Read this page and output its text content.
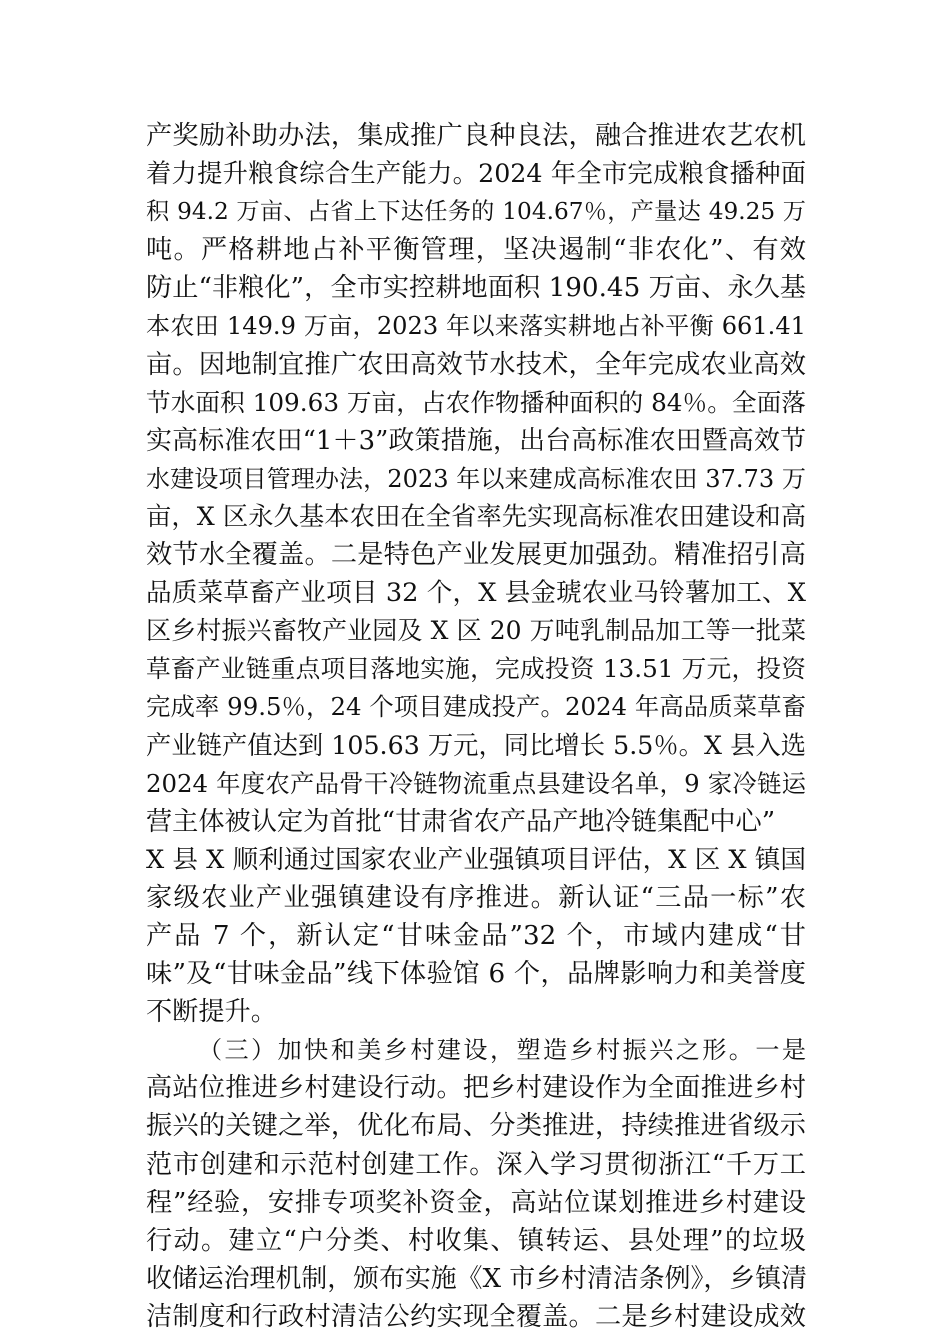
产奖励补助办法，集成推广良种良法，融合推进农艺农机
着力提升粮食综合生产能力。2024 年全市完成粮食播种面
积 94.2 万亩、占省上下达任务的 104.67％，产量达 49.25 万
吨。严格耕地占补平衡管理，坚决遏制“非农化”、有效
防止“非粮化”，全市实控耕地面积 190.45 万亩、永久基
本农田 149.9 万亩，2023 年以来落实耕地占补平衡 661.41
亩。因地制宜推广农田高效节水技术，全年完成农业高效
节水面积 109.63 万亩，占农作物播种面积的 84％。全面落
实高标准农田“1＋3”政策措施，出台高标准农田暨高效节
水建设项目管理办法，2023 年以来建成高标准农田 37.73 万
亩，X 区永久基本农田在全省率先实现高标准农田建设和高
效节水全覆盖。二是特色产业发展更加强劲。精准招引高
品质菜草畜产业项目 32 个，X 县金琥农业马铃薯加工、X
区乡村振兴畜牧产业园及 X 区 20 万吨乳制品加工等一批菜
草畜产业链重点项目落地实施，完成投资 13.51 万元，投资
完成率 99.5％，24 个项目建成投产。2024 年高品质菜草畜
产业链产值达到 105.63 万元，同比增长 5.5％。X 县入选
2024 年度农产品骨干冷链物流重点县建设名单，9 家冷链运
营主体被认定为首批“甘肃省农产品产地冷链集配中心”
X 县 X 顺利通过国家农业产业强镇项目评估，X 区 X 镇国
家级农业产业强镇建设有序推进。新认证“三品一标”农
产品 7 个，新认定“甘味金品”32 个，市域内建成“甘
味”及“甘味金品”线下体验馆 6 个，品牌影响力和美誉度
不断提升。
（三）加快和美乡村建设，塑造乡村振兴之形。一是
高站位推进乡村建设行动。把乡村建设作为全面推进乡村
振兴的关键之举，优化布局、分类推进，持续推进省级示
范市创建和示范村创建工作。深入学习贯彻浙江“千万工
程”经验，安排专项奖补资金，高站位谋划推进乡村建设
行动。建立“户分类、村收集、镇转运、县处理”的垃圾
收储运治理机制，颁布实施《X 市乡村清洁条例》，乡镇清
洁制度和行政村清洁公约实现全覆盖。二是乡村建设成效
